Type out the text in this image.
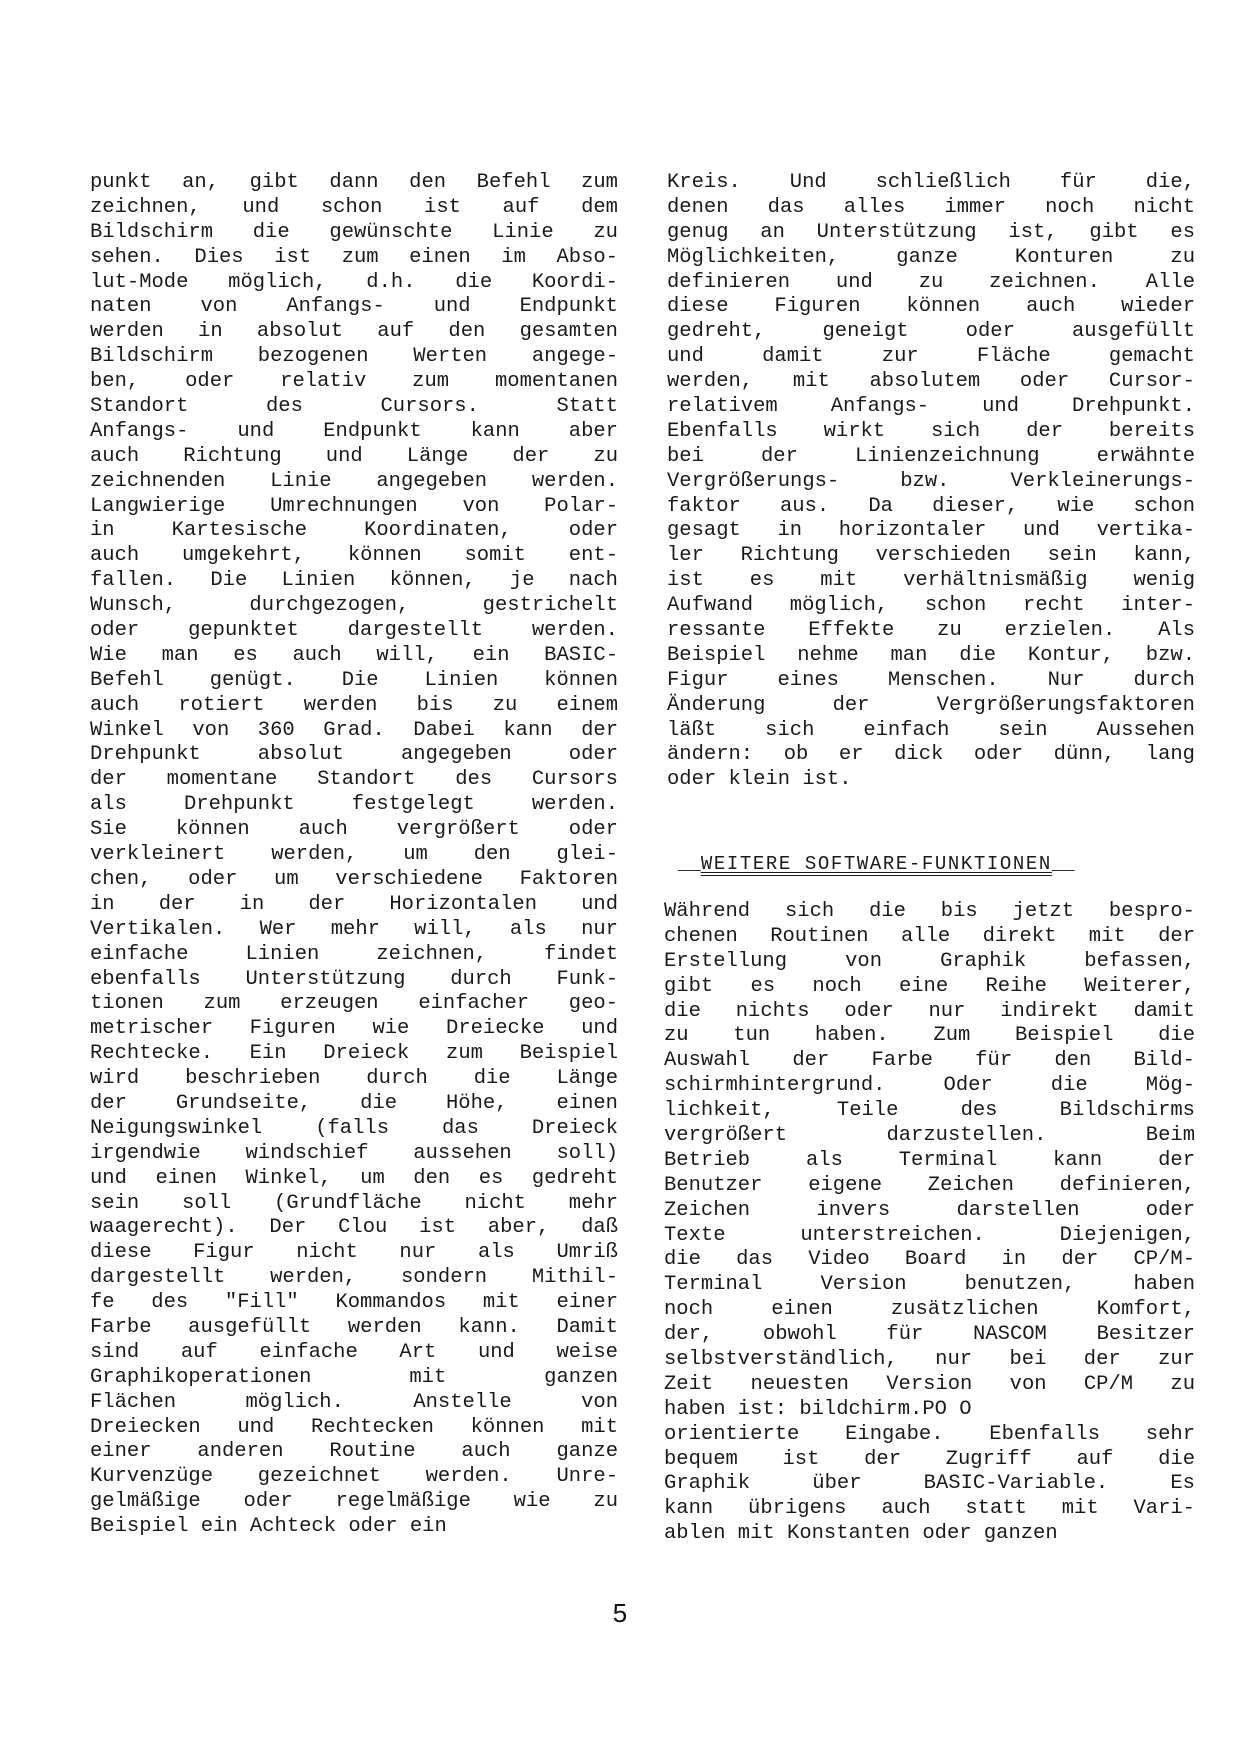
punkt an, gibt dann den Befehl zum
zeichnen, und schon ist auf dem
Bildschirm die gewünschte Linie zu
sehen. Dies ist zum einen im Abso-
lut-Mode möglich, d.h. die Koordi-
naten von Anfangs- und Endpunkt
werden in absolut auf den gesamten
Bildschirm bezogenen Werten angege-
ben, oder relativ zum momentanen
Standort des Cursors. Statt
Anfangs- und Endpunkt kann aber
auch Richtung und Länge der zu
zeichnenden Linie angegeben werden.
Langwierige Umrechnungen von Polar-
in Kartesische Koordinaten, oder
auch umgekehrt, können somit ent-
fallen. Die Linien können, je nach
Wunsch, durchgezogen, gestrichelt
oder gepunktet dargestellt werden.
Wie man es auch will, ein BASIC-
Befehl genügt. Die Linien können
auch rotiert werden bis zu einem
Winkel von 360 Grad. Dabei kann der
Drehpunkt absolut angegeben oder
der momentane Standort des Cursors
als Drehpunkt festgelegt werden.
Sie können auch vergrößert oder
verkleinert werden, um den glei-
chen, oder um verschiedene Faktoren
in der in der Horizontalen und
Vertikalen. Wer mehr will, als nur
einfache Linien zeichnen, findet
ebenfalls Unterstützung durch Funk-
tionen zum erzeugen einfacher geo-
metrischer Figuren wie Dreiecke und
Rechtecke. Ein Dreieck zum Beispiel
wird beschrieben durch die Länge
der Grundseite, die Höhe, einen
Neigungswinkel (falls das Dreieck
irgendwie windschief aussehen soll)
und einen Winkel, um den es gedreht
sein soll (Grundfläche nicht mehr
waagerecht). Der Clou ist aber, daß
diese Figur nicht nur als Umriß
dargestellt werden, sondern Mithil-
fe des "Fill" Kommandos mit einer
Farbe ausgefüllt werden kann. Damit
sind auf einfache Art und weise
Graphikoperationen mit ganzen
Flächen möglich. Anstelle von
Dreiecken und Rechtecken können mit
einer anderen Routine auch ganze
Kurvenzüge gezeichnet werden. Unre-
gelmäßige oder regelmäßige wie zu
Beispiel ein Achteck oder ein
Kreis. Und schließlich für die,
denen das alles immer noch nicht
genug an Unterstützung ist, gibt es
Möglichkeiten, ganze Konturen zu
definieren und zu zeichnen. Alle
diese Figuren können auch wieder
gedreht, geneigt oder ausgefüllt
und damit zur Fläche gemacht
werden, mit absolutem oder Cursor-
relativem Anfangs- und Drehpunkt.
Ebenfalls wirkt sich der bereits
bei der Linienzeichnung erwähnte
Vergrößerungs- bzw. Verkleinerungs-
faktor aus. Da dieser, wie schon
gesagt in horizontaler und vertika-
ler Richtung verschieden sein kann,
ist es mit verhältnismäßig wenig
Aufwand möglich, schon recht inter-
ressante Effekte zu erzielen. Als
Beispiel nehme man die Kontur, bzw.
Figur eines Menschen. Nur durch
Änderung der Vergrößerungsfaktoren
läßt sich einfach sein Aussehen
ändern: ob er dick oder dünn, lang
oder klein ist.
__WEITERE SOFTWARE-FUNKTIONEN__
Während sich die bis jetzt bespro-
chenen Routinen alle direkt mit der
Erstellung von Graphik befassen,
gibt es noch eine Reihe Weiterer,
die nichts oder nur indirekt damit
zu tun haben. Zum Beispiel die
Auswahl der Farbe für den Bild-
schirmhintergrund. Oder die Mög-
lichkeit, Teile des Bildschirms
vergrößert darzustellen. Beim
Betrieb als Terminal kann der
Benutzer eigene Zeichen definieren,
Zeichen invers darstellen oder
Texte unterstreichen. Diejenigen,
die das Video Board in der CP/M-
Terminal Version benutzen, haben
noch einen zusätzlichen Komfort,
der, obwohl für NASCOM Besitzer
selbstverständlich, nur bei der zur
Zeit neuesten Version von CP/M zu
haben ist: bildchirm.PO O
orientierte Eingabe. Ebenfalls sehr
bequem ist der Zugriff auf die
Graphik über BASIC-Variable. Es
kann übrigens auch statt mit Vari-
ablen mit Konstanten oder ganzen
5
